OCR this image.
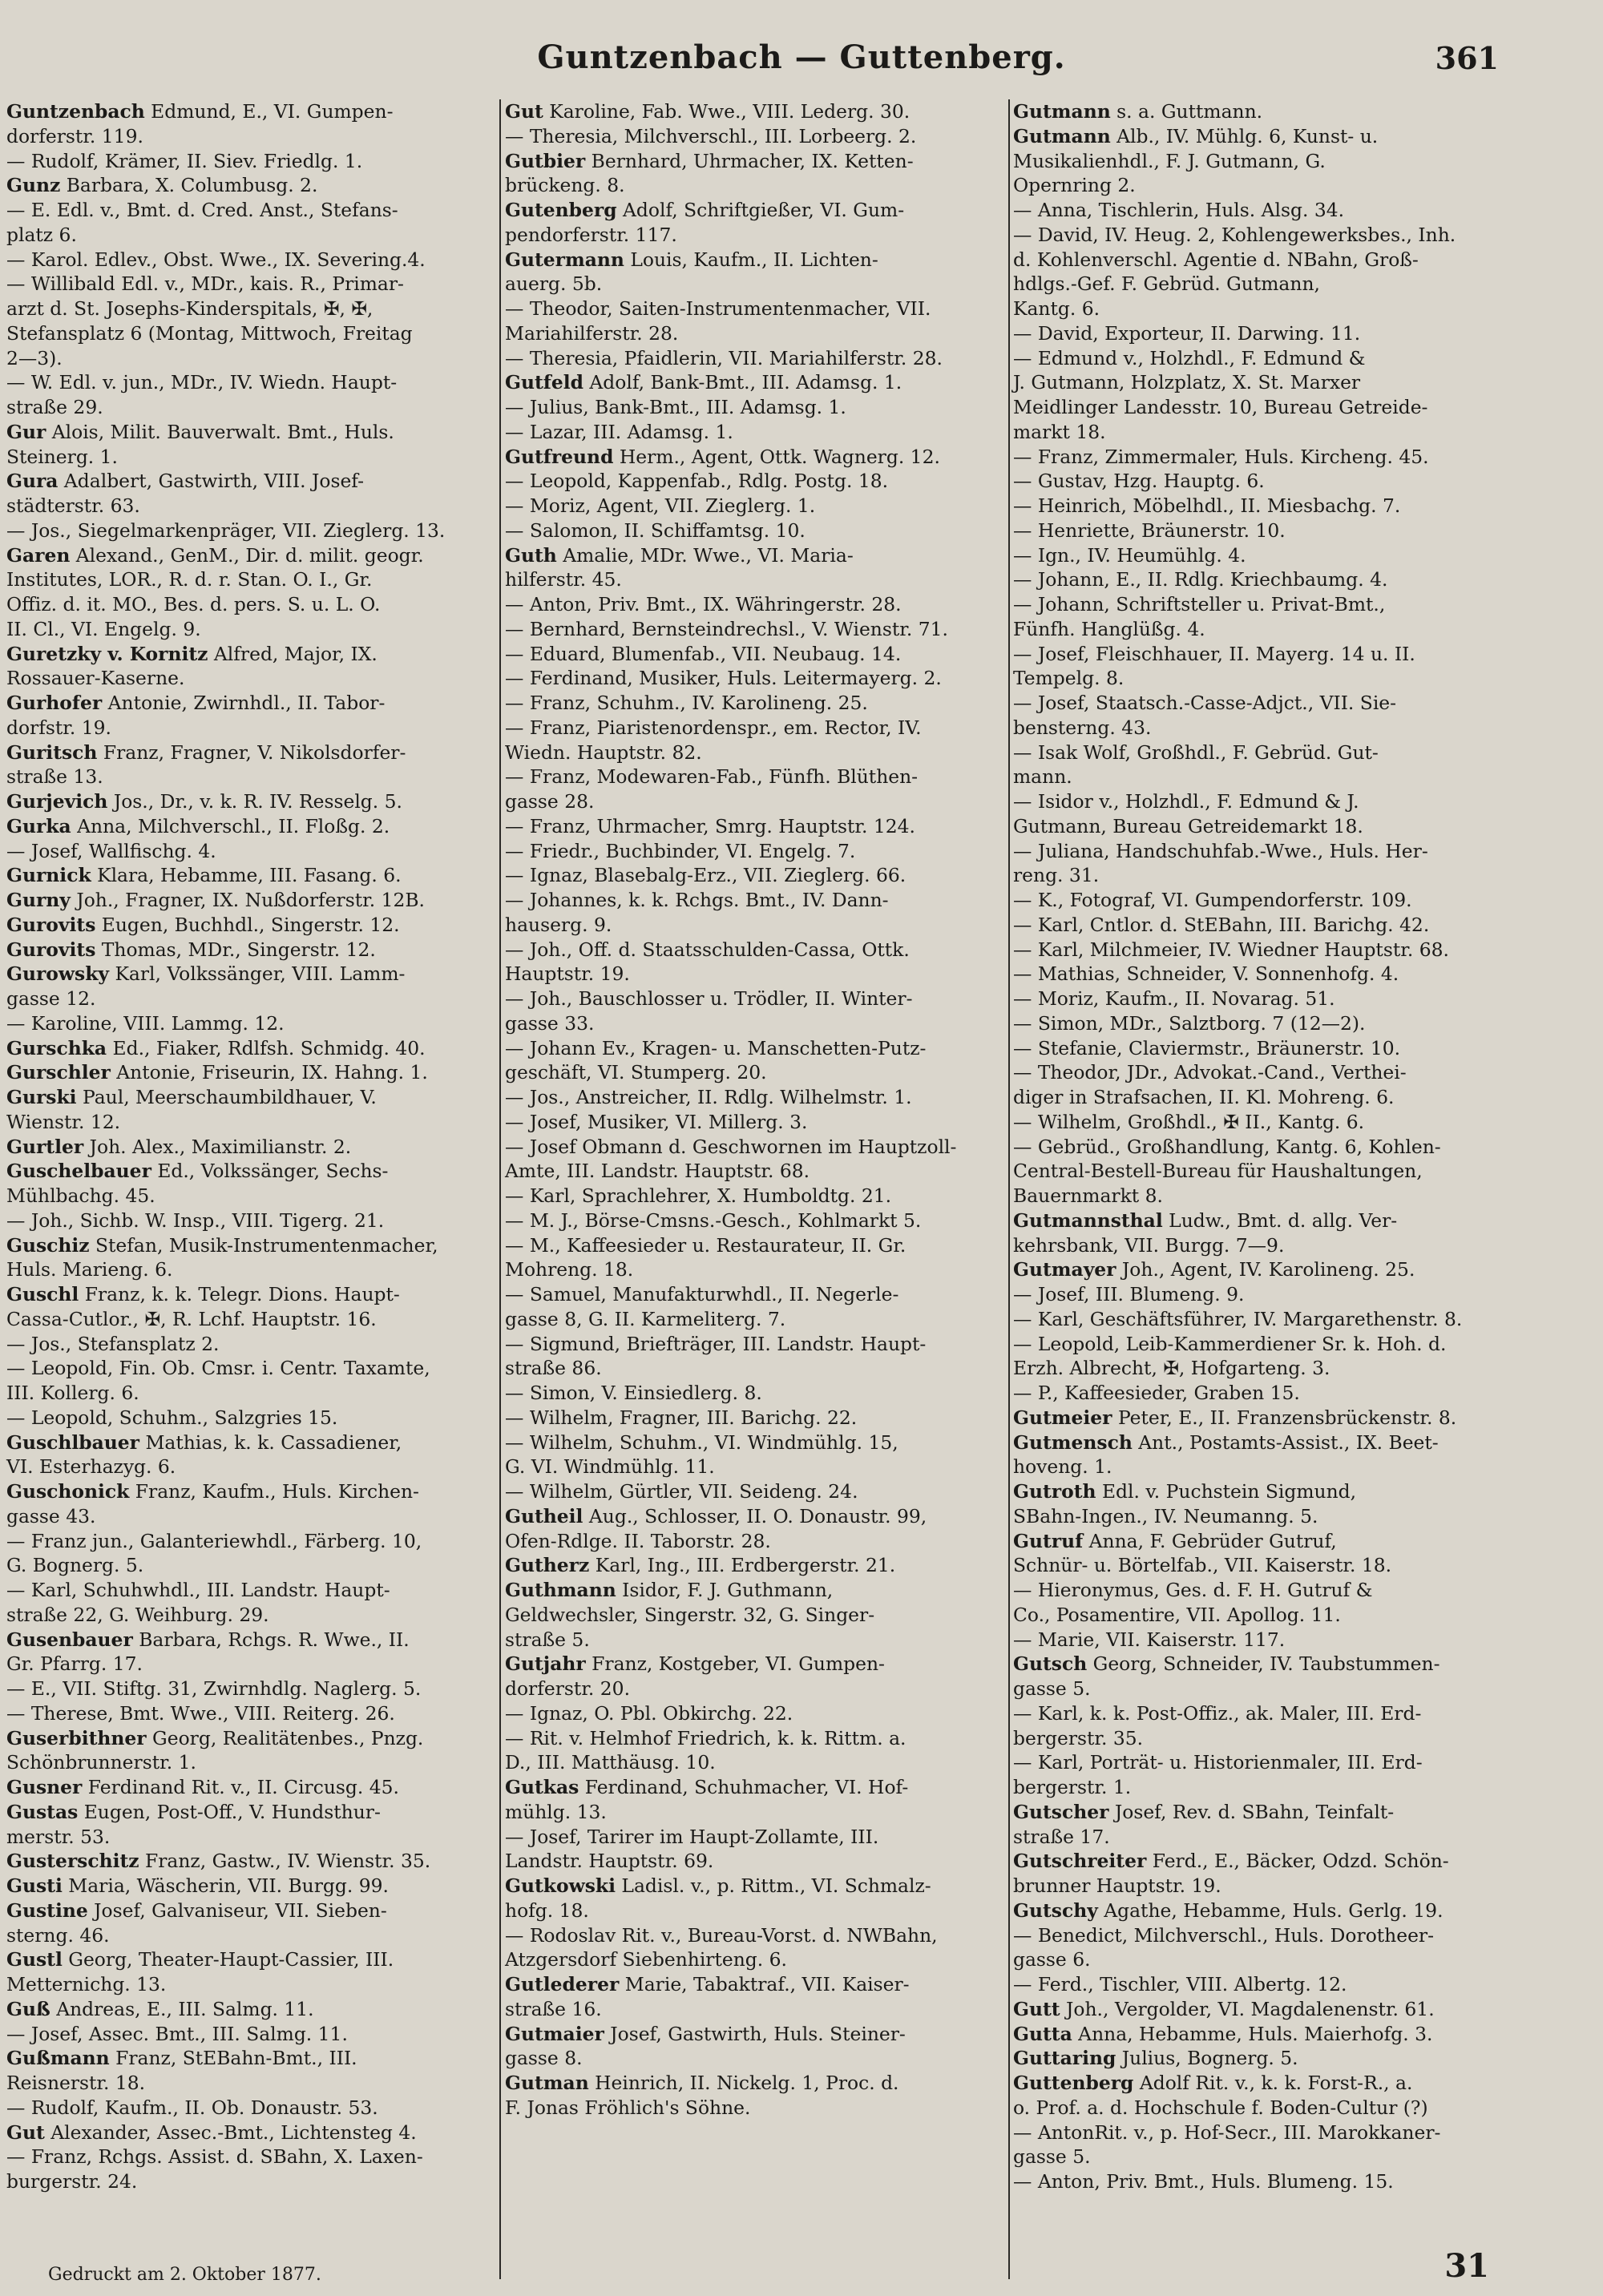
Guntzenbach — Guttenberg.	361
Guntzenbach Edmund, E., VI. Gumpen-
dorferstr. 119.
— Rudolf, Krämer, II. Siev. Friedlg. 1.
Gunz Barbara, X. Columbusg. 2.
— E. Edl. v., Bmt. d. Cred. Anst., Stefans-
platz 6.
— Karol. Edlev., Obst. Wwe., IX. Severing.4.
— Willibald Edl. v., MDr., kais. R., Primar-
arzt d. St. Josephs-Kinderspitals, ✠, ✠,
Stefansplatz 6 (Montag, Mittwoch, Freitag
2—3).
— W. Edl. v. jun., MDr., IV. Wiedn. Haupt-
straße 29.
Gur Alois, Milit. Bauverwalt. Bmt., Huls.
Steinerg. 1.
Gura Adalbert, Gastwirth, VIII. Josef-
städterstr. 63.
— Jos., Siegelmarkenpräger, VII. Zieglerg. 13.
Garen Alexand., GenM., Dir. d. milit. geogr.
Institutes, LOR., R. d. r. Stan. O. I., Gr.
Offiz. d. it. MO., Bes. d. pers. S. u. L. O.
II. Cl., VI. Engelg. 9.
Guretzky v. Kornitz Alfred, Major, IX.
Rossauer-Kaserne.
Gurhofer Antonie, Zwirnhdl., II. Tabor-
dorfstr. 19.
Guritsch Franz, Fragner, V. Nikolsdorfer-
straße 13.
Gurjevich Jos., Dr., v. k. R. IV. Resselg. 5.
Gurka Anna, Milchverschl., II. Floßg. 2.
— Josef, Wallfischg. 4.
Gurnick Klara, Hebamme, III. Fasang. 6.
Gurny Joh., Fragner, IX. Nußdorferstr. 12B.
Gurovits Eugen, Buchhdl., Singerstr. 12.
Gurovits Thomas, MDr., Singerstr. 12.
Gurowsky Karl, Volkssänger, VIII. Lamm-
gasse 12.
— Karoline, VIII. Lammg. 12.
Gurschka Ed., Fiaker, Rdlfsh. Schmidg. 40.
Gurschler Antonie, Friseurin, IX. Hahng. 1.
Gurski Paul, Meerschaumbildhauer, V.
Wienstr. 12.
Gurtler Joh. Alex., Maximilianstr. 2.
Guschelbauer Ed., Volkssänger, Sechs-
Mühlbachg. 45.
— Joh., Sichb. W. Insp., VIII. Tigerg. 21.
Guschiz Stefan, Musik-Instrumentenmacher,
Huls. Marieng. 6.
Guschl Franz, k. k. Telegr. Dions. Haupt-
Cassa-Cutlor., ✠, R. Lchf. Hauptstr. 16.
— Jos., Stefansplatz 2.
— Leopold, Fin. Ob. Cmsr. i. Centr. Taxamte,
III. Kollerg. 6.
— Leopold, Schuhm., Salzgries 15.
Guschlbauer Mathias, k. k. Cassadiener,
VI. Esterhazyg. 6.
Guschonick Franz, Kaufm., Huls. Kirchen-
gasse 43.
— Franz jun., Galanteriewhdl., Färberg. 10,
G. Bognerg. 5.
— Karl, Schuhwhdl., III. Landstr. Haupt-
straße 22, G. Weihburg. 29.
Gusenbauer Barbara, Rchgs. R. Wwe., II.
Gr. Pfarrg. 17.
— E., VII. Stiftg. 31, Zwirnhdlg. Naglerg. 5.
— Therese, Bmt. Wwe., VIII. Reiterg. 26.
Guserbithner Georg, Realitätenbes., Pnzg.
Schönbrunnerstr. 1.
Gusner Ferdinand Rit. v., II. Circusg. 45.
Gustas Eugen, Post-Off., V. Hundsthur-
merstr. 53.
Gusterschitz Franz, Gastw., IV. Wienstr. 35.
Gusti Maria, Wäscherin, VII. Burgg. 99.
Gustine Josef, Galvaniseur, VII. Sieben-
sterng. 46.
Gustl Georg, Theater-Haupt-Cassier, III.
Metternichg. 13.
Guß Andreas, E., III. Salmg. 11.
— Josef, Assec. Bmt., III. Salmg. 11.
Gußmann Franz, StEBahn-Bmt., III.
Reisnerstr. 18.
— Rudolf, Kaufm., II. Ob. Donaustr. 53.
Gut Alexander, Assec.-Bmt., Lichtensteg 4.
— Franz, Rchgs. Assist. d. SBahn, X. Laxen-
burgerstr. 24.
Gut Karoline, Fab. Wwe., VIII. Lederg. 30.
— Theresia, Milchverschl., III. Lorbeerg. 2.
Gutbier Bernhard, Uhrmacher, IX. Ketten-
brückeng. 8.
Gutenberg Adolf, Schriftgießer, VI. Gum-
pendorferstr. 117.
Gutermann Louis, Kaufm., II. Lichten-
auerg. 5b.
— Theodor, Saiten-Instrumentenmacher, VII.
Mariahilferstr. 28.
— Theresia, Pfaidlerin, VII. Mariahilferstr. 28.
Gutfeld Adolf, Bank-Bmt., III. Adamsg. 1.
— Julius, Bank-Bmt., III. Adamsg. 1.
— Lazar, III. Adamsg. 1.
Gutfreund Herm., Agent, Ottk. Wagnerg. 12.
— Leopold, Kappenfab., Rdlg. Postg. 18.
— Moriz, Agent, VII. Zieglerg. 1.
— Salomon, II. Schiffamtsg. 10.
Guth Amalie, MDr. Wwe., VI. Maria-
hilferstr. 45.
— Anton, Priv. Bmt., IX. Währingerstr. 28.
— Bernhard, Bernsteindrechsl., V. Wienstr. 71.
— Eduard, Blumenfab., VII. Neubaug. 14.
— Ferdinand, Musiker, Huls. Leitermayerg. 2.
— Franz, Schuhm., IV. Karolineng. 25.
— Franz, Piaristenordenspr., em. Rector, IV.
Wiedn. Hauptstr. 82.
— Franz, Modewaren-Fab., Fünfh. Blüthen-
gasse 28.
— Franz, Uhrmacher, Smrg. Hauptstr. 124.
— Friedr., Buchbinder, VI. Engelg. 7.
— Ignaz, Blasebalg-Erz., VII. Zieglerg. 66.
— Johannes, k. k. Rchgs. Bmt., IV. Dann-
hauserg. 9.
— Joh., Off. d. Staatsschulden-Cassa, Ottk.
Hauptstr. 19.
— Joh., Bauschlosser u. Trödler, II. Winter-
gasse 33.
— Johann Ev., Kragen- u. Manschetten-Putz-
geschäft, VI. Stumperg. 20.
— Jos., Anstreicher, II. Rdlg. Wilhelmstr. 1.
— Josef, Musiker, VI. Millerg. 3.
— Josef Obmann d. Geschwornen im Hauptzoll-
Amte, III. Landstr. Hauptstr. 68.
— Karl, Sprachlehrer, X. Humboldtg. 21.
— M. J., Börse-Cmsns.-Gesch., Kohlmarkt 5.
— M., Kaffeesieder u. Restaurateur, II. Gr.
Mohreng. 18.
— Samuel, Manufakturwhdl., II. Negerle-
gasse 8, G. II. Karmeliterg. 7.
— Sigmund, Briefträger, III. Landstr. Haupt-
straße 86.
— Simon, V. Einsiedlerg. 8.
— Wilhelm, Fragner, III. Barichg. 22.
— Wilhelm, Schuhm., VI. Windmühlg. 15,
G. VI. Windmühlg. 11.
— Wilhelm, Gürtler, VII. Seideng. 24.
Gutheil Aug., Schlosser, II. O. Donaustr. 99,
Ofen-Rdlge. II. Taborstr. 28.
Gutherz Karl, Ing., III. Erdbergerstr. 21.
Guthmann Isidor, F. J. Guthmann,
Geldwechsler, Singerstr. 32, G. Singer-
straße 5.
Gutjahr Franz, Kostgeber, VI. Gumpen-
dorferstr. 20.
— Ignaz, O. Pbl. Obkirchg. 22.
— Rit. v. Helmhof Friedrich, k. k. Rittm. a.
D., III. Matthäusg. 10.
Gutkas Ferdinand, Schuhmacher, VI. Hof-
mühlg. 13.
— Josef, Tarirer im Haupt-Zollamte, III.
Landstr. Hauptstr. 69.
Gutkowski Ladisl. v., p. Rittm., VI. Schmalz-
hofg. 18.
— Rodoslav Rit. v., Bureau-Vorst. d. NWBahn,
Atzgersdorf Siebenhirteng. 6.
Gutlederer Marie, Tabaktraf., VII. Kaiser-
straße 16.
Gutmaier Josef, Gastwirth, Huls. Steiner-
gasse 8.
Gutman Heinrich, II. Nickelg. 1, Proc. d.
F. Jonas Fröhlich's Söhne.
Gutmann s. a. Guttmann.
Gutmann Alb., IV. Mühlg. 6, Kunst- u.
Musikalienhdl., F. J. Gutmann, G.
Opernring 2.
— Anna, Tischlerin, Huls. Alsg. 34.
— David, IV. Heug. 2, Kohlengewerksbes., Inh.
d. Kohlenverschl. Agentie d. NBahn, Groß-
hdlgs.-Gef. F. Gebrüd. Gutmann,
Kantg. 6.
— David, Exporteur, II. Darwing. 11.
— Edmund v., Holzhdl., F. Edmund &
J. Gutmann, Holzplatz, X. St. Marxer
Meidlinger Landesstr. 10, Bureau Getreide-
markt 18.
— Franz, Zimmermaler, Huls. Kircheng. 45.
— Gustav, Hzg. Hauptg. 6.
— Heinrich, Möbelhdl., II. Miesbachg. 7.
— Henriette, Bräunerstr. 10.
— Ign., IV. Heumühlg. 4.
— Johann, E., II. Rdlg. Kriechbaumg. 4.
— Johann, Schriftsteller u. Privat-Bmt.,
Fünfh. Hanglüßg. 4.
— Josef, Fleischhauer, II. Mayerg. 14 u. II.
Tempelg. 8.
— Josef, Staatsch.-Casse-Adjct., VII. Sie-
bensterng. 43.
— Isak Wolf, Großhdl., F. Gebrüd. Gut-
mann.
— Isidor v., Holzhdl., F. Edmund & J.
Gutmann, Bureau Getreidemarkt 18.
— Juliana, Handschuhfab.-Wwe., Huls. Her-
reng. 31.
— K., Fotograf, VI. Gumpendorferstr. 109.
— Karl, Cntlor. d. StEBahn, III. Barichg. 42.
— Karl, Milchmeier, IV. Wiedner Hauptstr. 68.
— Mathias, Schneider, V. Sonnenhofg. 4.
— Moriz, Kaufm., II. Novarag. 51.
— Simon, MDr., Salztborg. 7 (12—2).
— Stefanie, Claviermstr., Bräunerstr. 10.
— Theodor, JDr., Advokat.-Cand., Verthei-
diger in Strafsachen, II. Kl. Mohreng. 6.
— Wilhelm, Großhdl., ✠ II., Kantg. 6.
— Gebrüd., Großhandlung, Kantg. 6, Kohlen-
Central-Bestell-Bureau für Haushaltungen,
Bauernmarkt 8.
Gutmannsthal Ludw., Bmt. d. allg. Ver-
kehrsbank, VII. Burgg. 7—9.
Gutmayer Joh., Agent, IV. Karolineng. 25.
— Josef, III. Blumeng. 9.
— Karl, Geschäftsführer, IV. Margarethenstr. 8.
— Leopold, Leib-Kammerdiener Sr. k. Hoh. d.
Erzh. Albrecht, ✠, Hofgarteng. 3.
— P., Kaffeesieder, Graben 15.
Gutmeier Peter, E., II. Franzensbrückenstr. 8.
Gutmensch Ant., Postamts-Assist., IX. Beet-
hoveng. 1.
Gutroth Edl. v. Puchstein Sigmund,
SBahn-Ingen., IV. Neumanng. 5.
Gutruf Anna, F. Gebrüder Gutruf,
Schnür- u. Börtelfab., VII. Kaiserstr. 18.
— Hieronymus, Ges. d. F. H. Gutruf &
Co., Posamentire, VII. Apollog. 11.
— Marie, VII. Kaiserstr. 117.
Gutsch Georg, Schneider, IV. Taubstummen-
gasse 5.
— Karl, k. k. Post-Offiz., ak. Maler, III. Erd-
bergerstr. 35.
— Karl, Porträt- u. Historienmaler, III. Erd-
bergerstr. 1.
Gutscher Josef, Rev. d. SBahn, Teinfalt-
straße 17.
Gutschreiter Ferd., E., Bäcker, Odzd. Schön-
brunner Hauptstr. 19.
Gutschy Agathe, Hebamme, Huls. Gerlg. 19.
— Benedict, Milchverschl., Huls. Dorotheer-
gasse 6.
— Ferd., Tischler, VIII. Albertg. 12.
Gutt Joh., Vergolder, VI. Magdalenenstr. 61.
Gutta Anna, Hebamme, Huls. Maierhofg. 3.
Guttaring Julius, Bognerg. 5.
Guttenberg Adolf Rit. v., k. k. Forst-R., a.
o. Prof. a. d. Hochschule f. Boden-Cultur (?)
— AntonRit. v., p. Hof-Secr., III. Marokkaner-
gasse 5.
— Anton, Priv. Bmt., Huls. Blumeng. 15.
Gedruckt am 2. Oktober 1877.	31
